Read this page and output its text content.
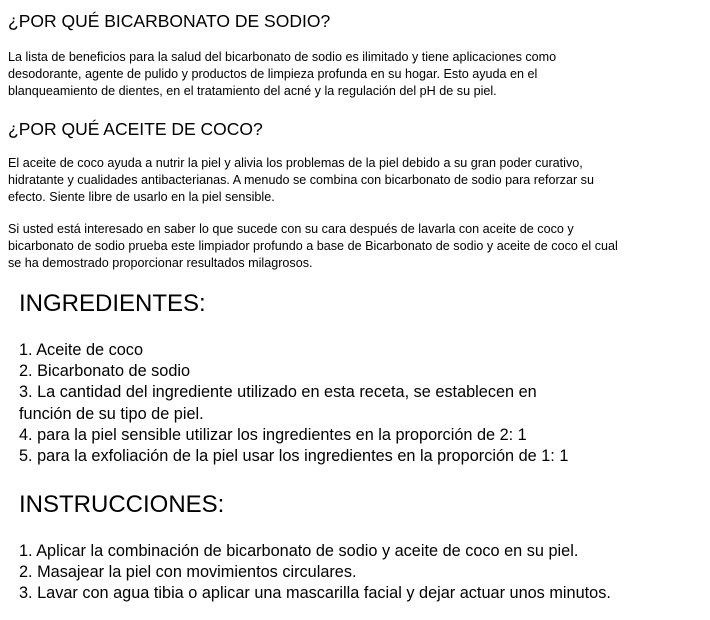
¿POR QUÉ BICARBONATO DE SODIO?

La lista de beneficios para la salud del bicarbonato de sodio es ilimitado y tiene aplicaciones como
desodorante, agente de pulido y productos de limpieza profunda en su hogar. Esto ayuda en el
blanqueamiento de dientes, en el tratamiento del acné y la regulación del pH de su piel.

¿POR QUÉ ACEITE DE COCO?

El aceite de coco ayuda a nutrir la piel y alivia los problemas de la piel debido a su gran poder curativo,
hidratante y cualidades antibacterianas. A menudo se combina con bicarbonato de sodio para reforzar su
efecto. Siente libre de usarlo en la piel sensible.

Si usted está interesado en saber lo que sucede con su cara después de lavarla con aceite de coco y
bicarbonato de sodio prueba este limpiador profundo a base de Bicarbonato de sodio y aceite de coco el cual
se ha demostrado proporcionar resultados milagrosos.

INGREDIENTES:
1. Aceite de coco
2. Bicarbonato de sodio
3. La cantidad del ingrediente utilizado en esta receta, se establecen en
función de su tipo de piel.
4. para la piel sensible utilizar los ingredientes en la proporción de 2: 1
5. para la exfoliación de la piel usar los ingredientes en la proporción de 1: 1
INSTRUCCIONES:
1. Aplicar la combinación de bicarbonato de sodio y aceite de coco en su piel.
2. Masajear la piel con movimientos circulares.
3. Lavar con agua tibia o aplicar una mascarilla facial y dejar actuar unos minutos.
